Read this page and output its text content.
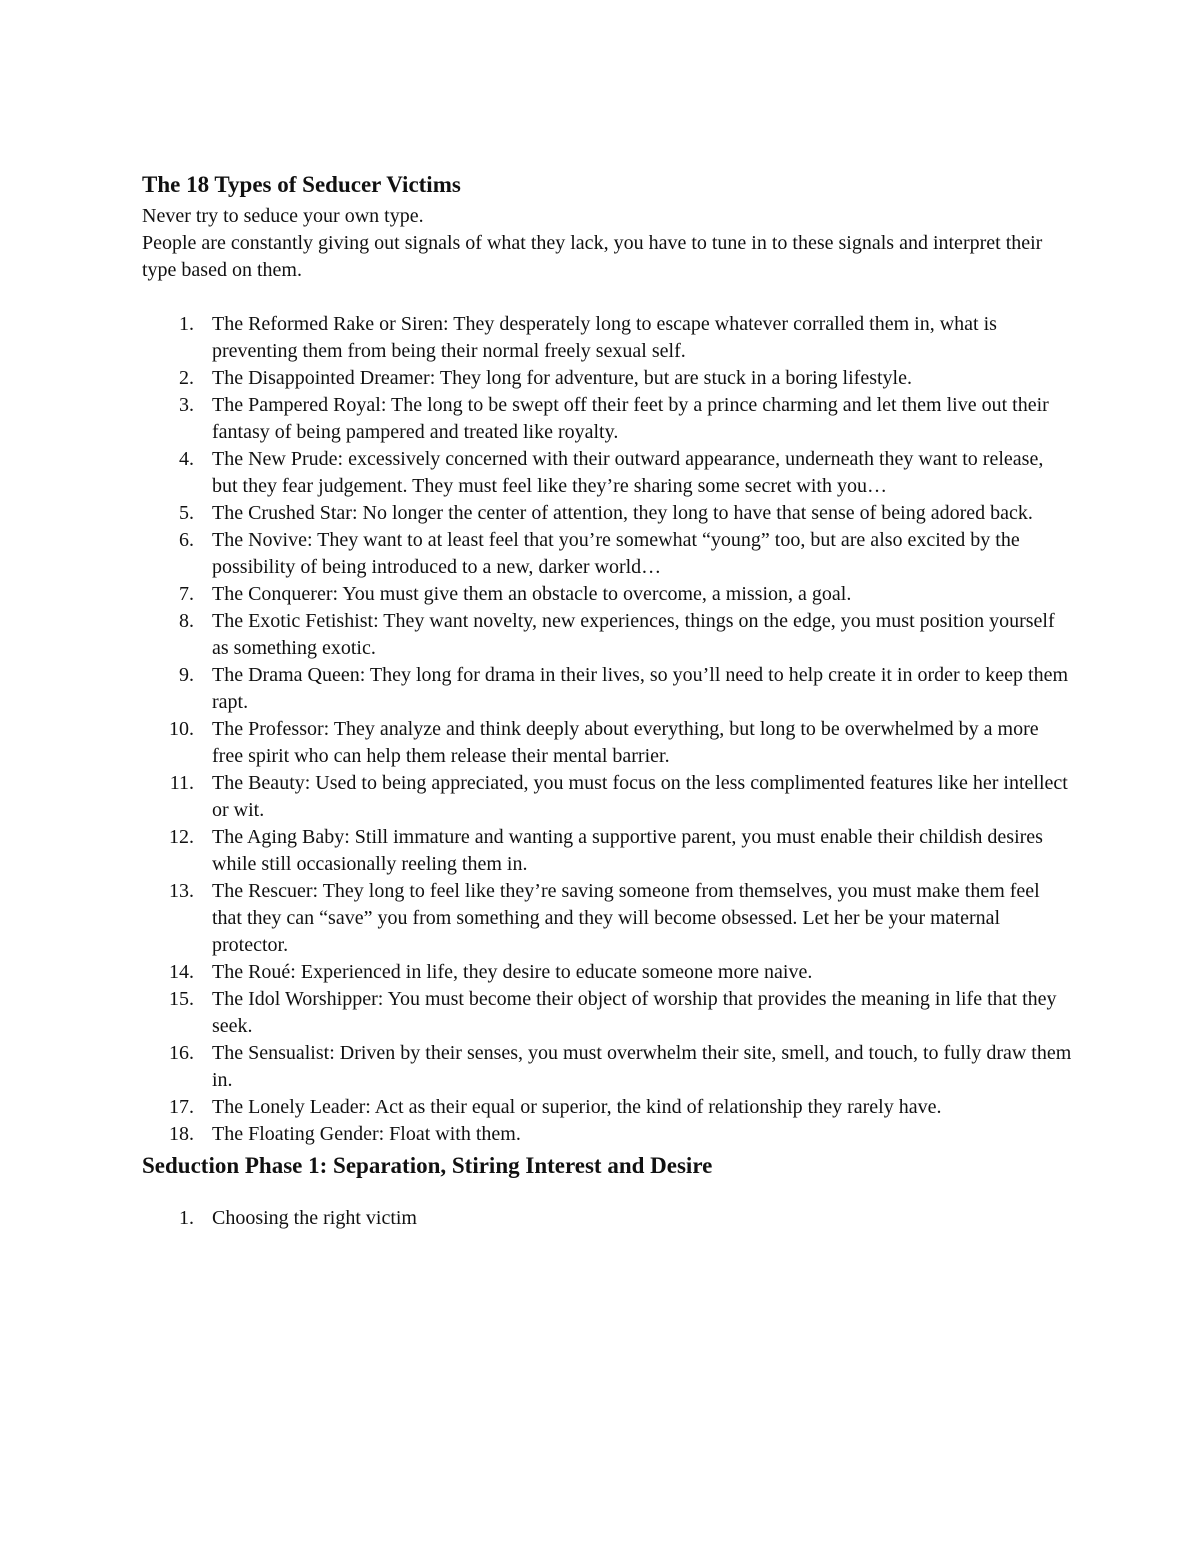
The 18 Types of Seducer Victims

Never try to seduce your own type.

People are constantly giving out signals of what they lack, you have to tune in to these signals and interpret their type based on them.

1. The Reformed Rake or Siren: They desperately long to escape whatever corralled them in, what is preventing them from being their normal freely sexual self.
2. The Disappointed Dreamer: They long for adventure, but are stuck in a boring lifestyle.
3. The Pampered Royal: The long to be swept off their feet by a prince charming and let them live out their fantasy of being pampered and treated like royalty.
4. The New Prude: excessively concerned with their outward appearance, underneath they want to release, but they fear judgement. They must feel like they’re sharing some secret with you…
5. The Crushed Star: No longer the center of attention, they long to have that sense of being adored back.
6. The Novive: They want to at least feel that you’re somewhat “young” too, but are also excited by the possibility of being introduced to a new, darker world…
7. The Conquerer: You must give them an obstacle to overcome, a mission, a goal.
8. The Exotic Fetishist: They want novelty, new experiences, things on the edge, you must position yourself as something exotic.
9. The Drama Queen: They long for drama in their lives, so you’ll need to help create it in order to keep them rapt.
10. The Professor: They analyze and think deeply about everything, but long to be overwhelmed by a more free spirit who can help them release their mental barrier.
11. The Beauty: Used to being appreciated, you must focus on the less complimented features like her intellect or wit.
12. The Aging Baby: Still immature and wanting a supportive parent, you must enable their childish desires while still occasionally reeling them in.
13. The Rescuer: They long to feel like they’re saving someone from themselves, you must make them feel that they can “save” you from something and they will become obsessed. Let her be your maternal protector.
14. The Roué: Experienced in life, they desire to educate someone more naive.
15. The Idol Worshipper: You must become their object of worship that provides the meaning in life that they seek.
16. The Sensualist: Driven by their senses, you must overwhelm their site, smell, and touch, to fully draw them in.
17. The Lonely Leader: Act as their equal or superior, the kind of relationship they rarely have.
18. The Floating Gender: Float with them.
Seduction Phase 1: Separation, Stiring Interest and Desire
1. Choosing the right victim
